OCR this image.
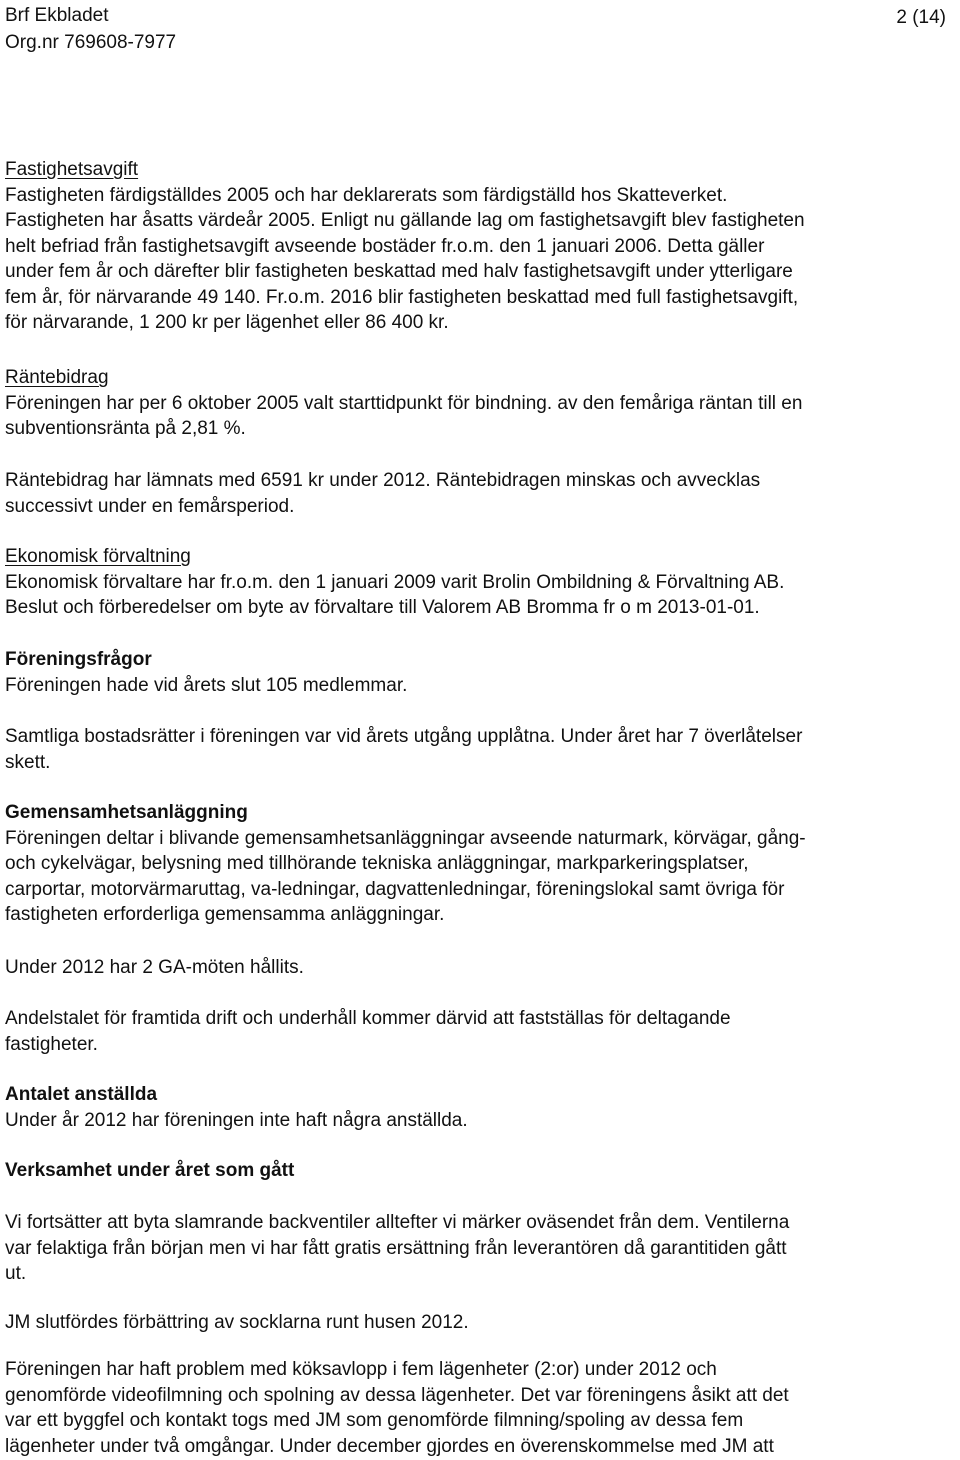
Brf Ekbladet
Org.nr 769608-7977
2 (14)
Fastighetsavgift
Fastigheten färdigställdes 2005 och har deklarerats som färdigställd hos Skatteverket.
Fastigheten har åsatts värdeår 2005. Enligt nu gällande lag om fastighetsavgift blev fastigheten
helt befriad från fastighetsavgift avseende bostäder fr.o.m. den 1 januari 2006. Detta gäller
under fem år och därefter blir fastigheten beskattad med halv fastighetsavgift under ytterligare
fem år, för närvarande 49 140. Fr.o.m. 2016 blir fastigheten beskattad med full fastighetsavgift,
för närvarande, 1 200 kr per lägenhet eller 86 400 kr.
Räntebidrag
Föreningen har per 6 oktober 2005 valt starttidpunkt för bindning. av den femåriga räntan till en
subventionsränta på 2,81 %.
Räntebidrag har lämnats med 6591 kr under 2012. Räntebidragen minskas och avvecklas
successivt under en femårsperiod.
Ekonomisk förvaltning
Ekonomisk förvaltare har fr.o.m. den 1 januari 2009 varit Brolin Ombildning & Förvaltning AB.
Beslut och förberedelser om byte av förvaltare till Valorem AB Bromma fr o m 2013-01-01.
Föreningsfrågor
Föreningen hade vid årets slut 105 medlemmar.
Samtliga bostadsrätter i föreningen var vid årets utgång upplåtna. Under året har 7 överlåtelser
skett.
Gemensamhetsanläggning
Föreningen deltar i blivande gemensamhetsanläggningar avseende naturmark, körvägar, gång-
och cykelvägar, belysning med tillhörande tekniska anläggningar, markparkeringsplatser,
carportar, motorvärmaruttag, va-ledningar, dagvattenledningar, föreningslokal samt övriga för
fastigheten erforderliga gemensamma anläggningar.
Under 2012 har 2 GA-möten hållits.
Andelstalet för framtida drift och underhåll kommer därvid att fastställas för deltagande
fastigheter.
Antalet anställda
Under år 2012 har föreningen inte haft några anställda.
Verksamhet under året som gått
Vi fortsätter att byta slamrande backventiler alltefter vi märker oväsendet från dem. Ventilerna
var felaktiga från början men vi har fått gratis ersättning från leverantören då garantitiden gått
ut.
JM slutfördes förbättring av socklarna runt husen 2012.
Föreningen har haft problem med köksavlopp i fem lägenheter (2:or) under 2012 och
genomförde videofilmning och spolning av dessa lägenheter. Det var föreningens åsikt att det
var ett byggfel och kontakt togs med JM som genomförde filmning/spoling av dessa fem
lägenheter under två omgångar. Under december gjordes en överenskommelse med JM att
